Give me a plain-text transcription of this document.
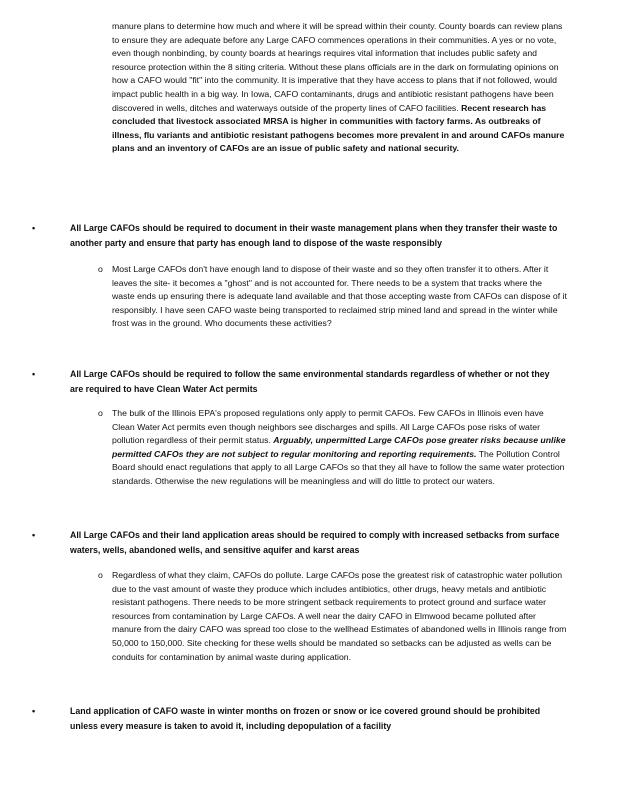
manure plans to determine how much and where it will be spread within their county. County boards can review plans to ensure they are adequate before any Large CAFO commences operations in their communities. A yes or no vote, even though nonbinding, by county boards at hearings requires vital information that includes public safety and resource protection within the 8 siting criteria. Without these plans officials are in the dark on formulating opinions on how a CAFO would "fit" into the community. It is imperative that they have access to plans that if not followed, would impact public health in a big way. In Iowa, CAFO contaminants, drugs and antibiotic resistant pathogens have been discovered in wells, ditches and waterways outside of the property lines of CAFO facilities. Recent research has concluded that livestock associated MRSA is higher in communities with factory farms. As outbreaks of illness, flu variants and antibiotic resistant pathogens becomes more prevalent in and around CAFOs manure plans and an inventory of CAFOs are an issue of public safety and national security.

•	All Large CAFOs should be required to document in their waste management plans when they transfer their waste to another party and ensure that party has enough land to dispose of the waste responsibly

o Most Large CAFOs don't have enough land to dispose of their waste and so they often transfer it to others. After it leaves the site- it becomes a "ghost" and is not accounted for. There needs to be a system that tracks where the waste ends up ensuring there is adequate land available and that those accepting waste from CAFOs can dispose of it responsibly. I have seen CAFO waste being transported to reclaimed strip mined land and spread in the winter while frost was in the ground. Who documents these activities?

•	All Large CAFOs should be required to follow the same environmental standards regardless of whether or not they are required to have Clean Water Act permits

o The bulk of the Illinois EPA's proposed regulations only apply to permit CAFOs. Few CAFOs in Illinois even have Clean Water Act permits even though neighbors see discharges and spills. All Large CAFOs pose risks of water pollution regardless of their permit status. Arguably, unpermitted Large CAFOs pose greater risks because unlike permitted CAFOs they are not subject to regular monitoring and reporting requirements. The Pollution Control Board should enact regulations that apply to all Large CAFOs so that they all have to follow the same water protection standards. Otherwise the new regulations will be meaningless and will do little to protect our waters.

•	All Large CAFOs and their land application areas should be required to comply with increased setbacks from surface waters, wells, abandoned wells, and sensitive aquifer and karst areas

o Regardless of what they claim, CAFOs do pollute. Large CAFOs pose the greatest risk of catastrophic water pollution due to the vast amount of waste they produce which includes antibiotics, other drugs, heavy metals and antibiotic resistant pathogens. There needs to be more stringent setback requirements to protect ground and surface water resources from contamination by Large CAFOs. A well near the dairy CAFO in Elmwood became polluted after manure from the dairy CAFO was spread too close to the wellhead Estimates of abandoned wells in Illinois range from 50,000 to 150,000. Site checking for these wells should be mandated so setbacks can be adjusted as wells can be conduits for contamination by animal waste during application.

•	Land application of CAFO waste in winter months on frozen or snow or ice covered ground should be prohibited unless every measure is taken to avoid it, including depopulation of a facility
